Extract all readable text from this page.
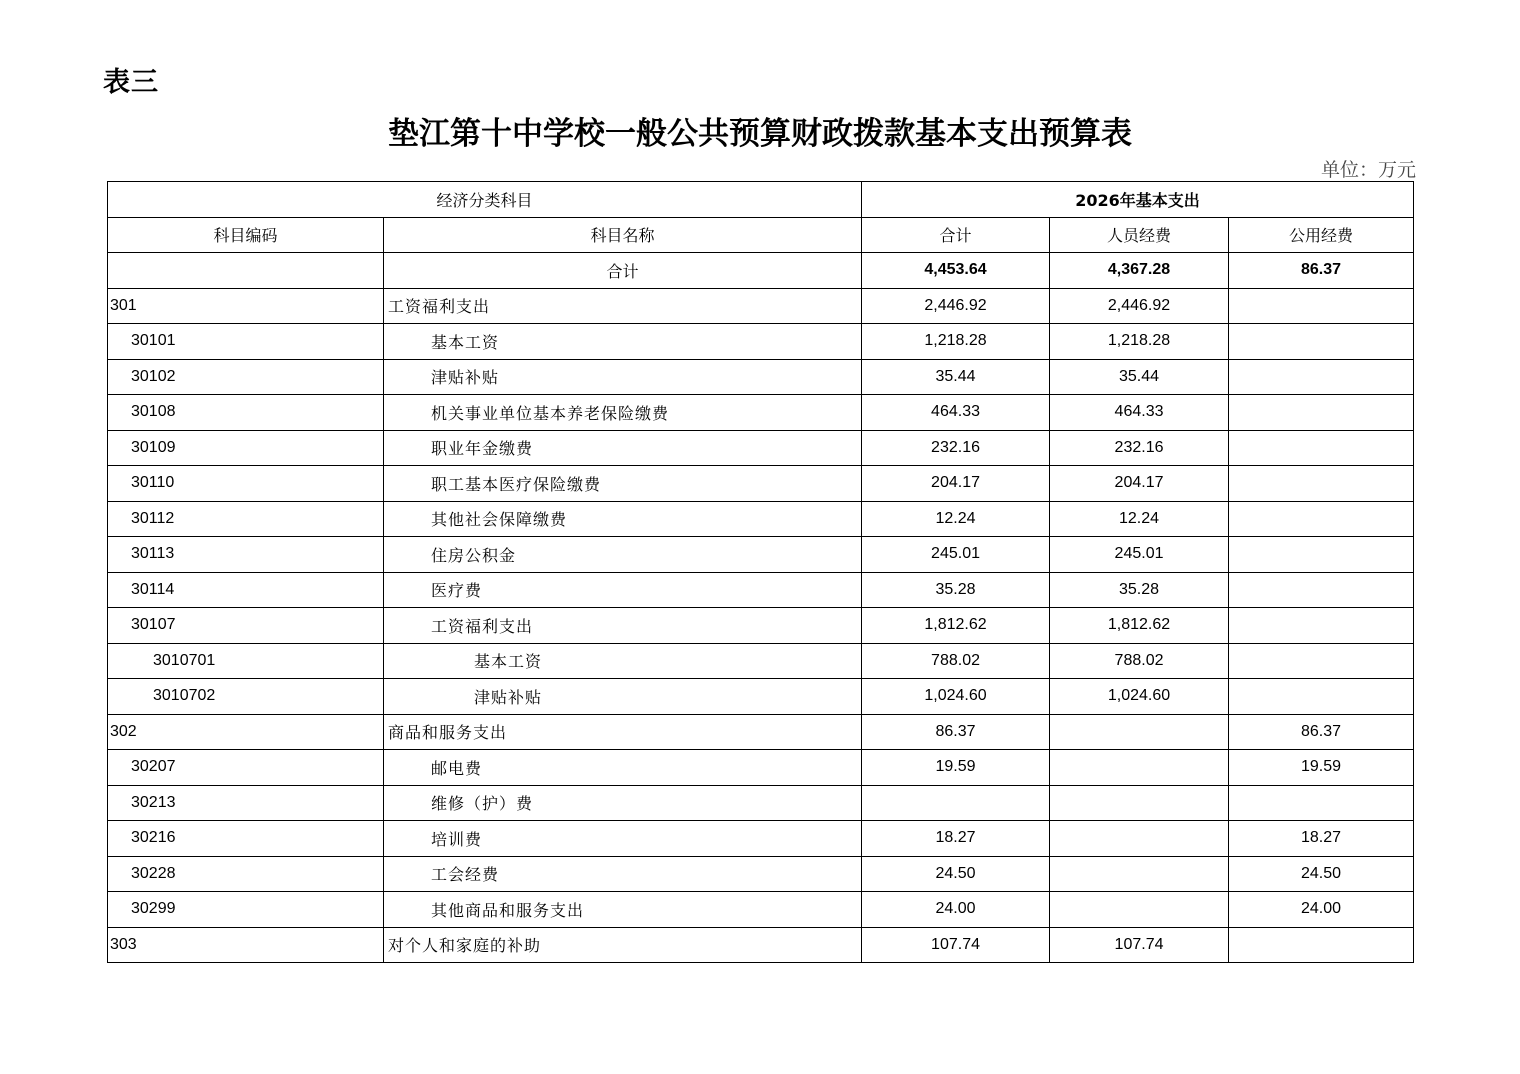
表三
垫江第十中学校一般公共预算财政拨款基本支出预算表
单位：万元
经济分类科目		2026年基本支出		
科目编码	科目名称	合计	人员经费	公用经费
	合计	4,453.64	4,367.28	86.37
301	工资福利支出	2,446.92	2,446.92	
30101	基本工资	1,218.28	1,218.28	
30102	津贴补贴	35.44	35.44	
30108	机关事业单位基本养老保险缴费	464.33	464.33	
30109	职业年金缴费	232.16	232.16	
30110	职工基本医疗保险缴费	204.17	204.17	
30112	其他社会保障缴费	12.24	12.24	
30113	住房公积金	245.01	245.01	
30114	医疗费	35.28	35.28	
30107	工资福利支出	1,812.62	1,812.62	
3010701	基本工资	788.02	788.02	
3010702	津贴补贴	1,024.60	1,024.60	
302	商品和服务支出	86.37		86.37
30207	邮电费	19.59		19.59
30213	维修（护）费			
30216	培训费	18.27		18.27
30228	工会经费	24.50		24.50
30299	其他商品和服务支出	24.00		24.00
303	对个人和家庭的补助	107.74	107.74	
